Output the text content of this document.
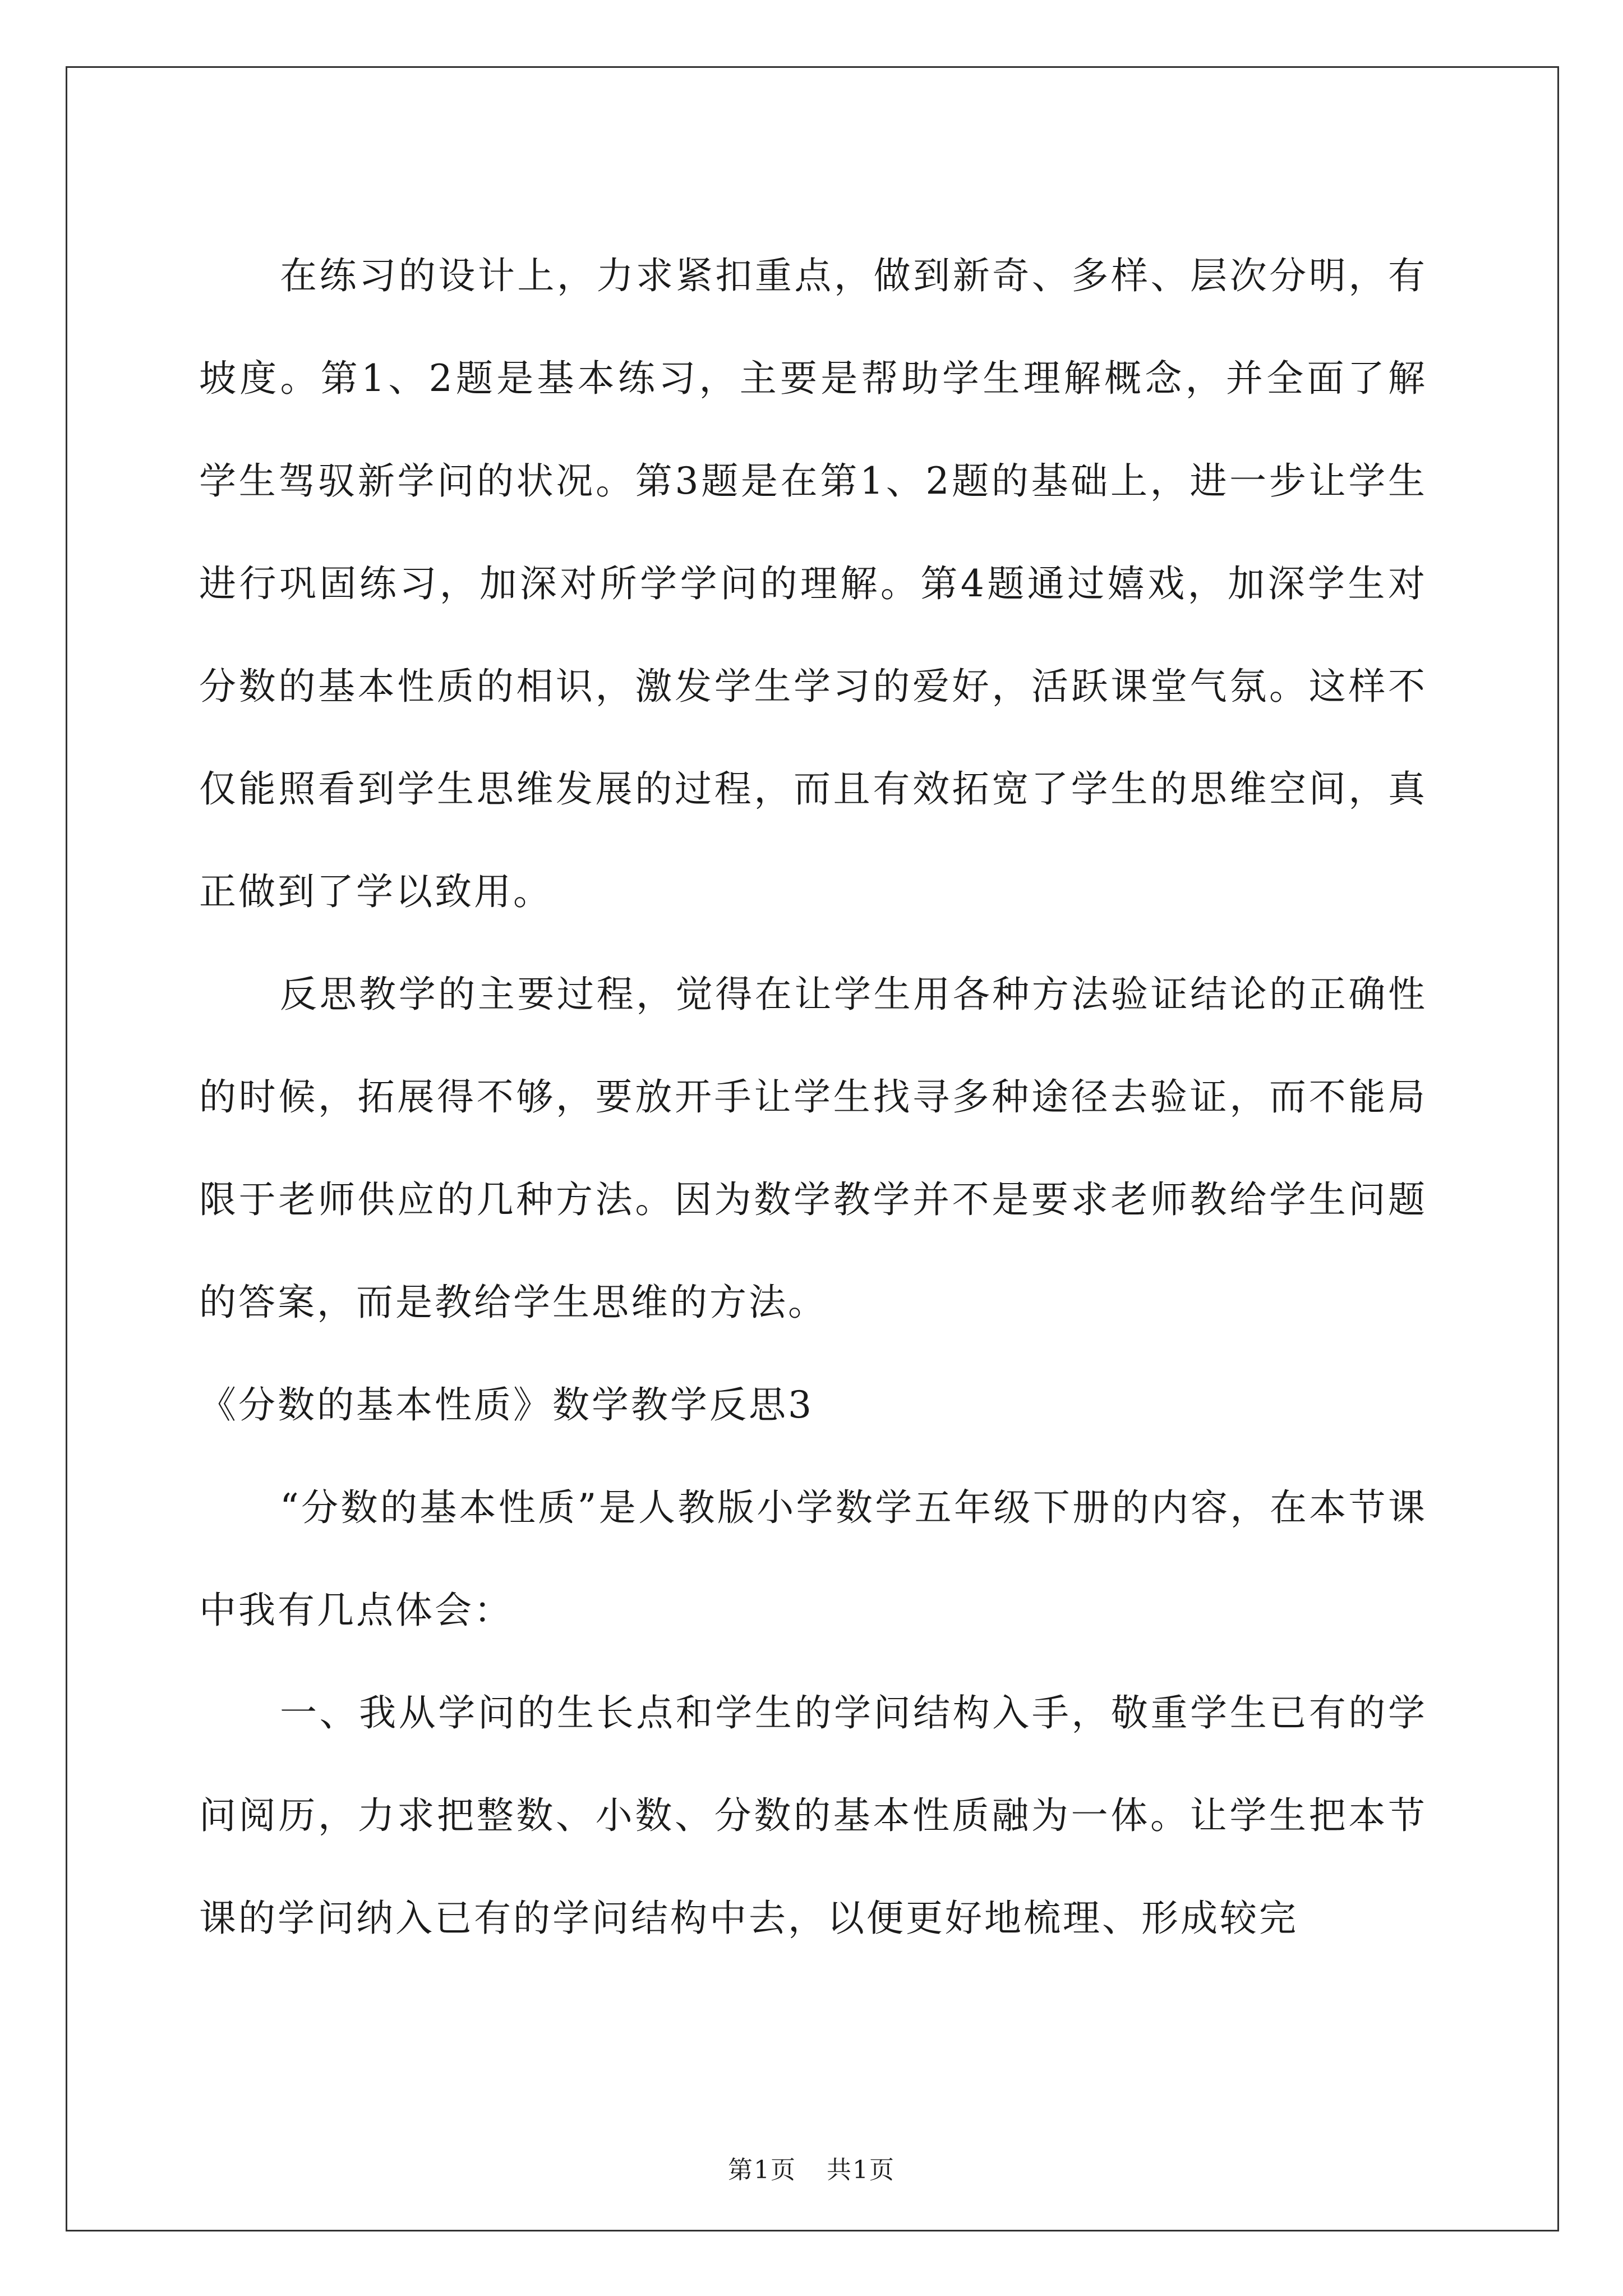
在练习的设计上，力求紧扣重点，做到新奇、多样、层次分明，有坡度。第1、2题是基本练习，主要是帮助学生理解概念，并全面了解学生驾驭新学问的状况。第3题是在第1、2题的基础上，进一步让学生进行巩固练习，加深对所学学问的理解。第4题通过嬉戏，加深学生对分数的基本性质的相识，激发学生学习的爱好，活跃课堂气氛。这样不仅能照看到学生思维发展的过程，而且有效拓宽了学生的思维空间，真正做到了学以致用。

反思教学的主要过程，觉得在让学生用各种方法验证结论的正确性的时候，拓展得不够，要放开手让学生找寻多种途径去验证，而不能局限于老师供应的几种方法。因为数学教学并不是要求老师教给学生问题的答案，而是教给学生思维的方法。

《分数的基本性质》数学教学反思3

“分数的基本性质”是人教版小学数学五年级下册的内容，在本节课中我有几点体会：

一、我从学问的生长点和学生的学问结构入手，敬重学生已有的学问阅历，力求把整数、小数、分数的基本性质融为一体。让学生把本节课的学问纳入已有的学问结构中去，以便更好地梳理、形成较完

第1页 共1页
